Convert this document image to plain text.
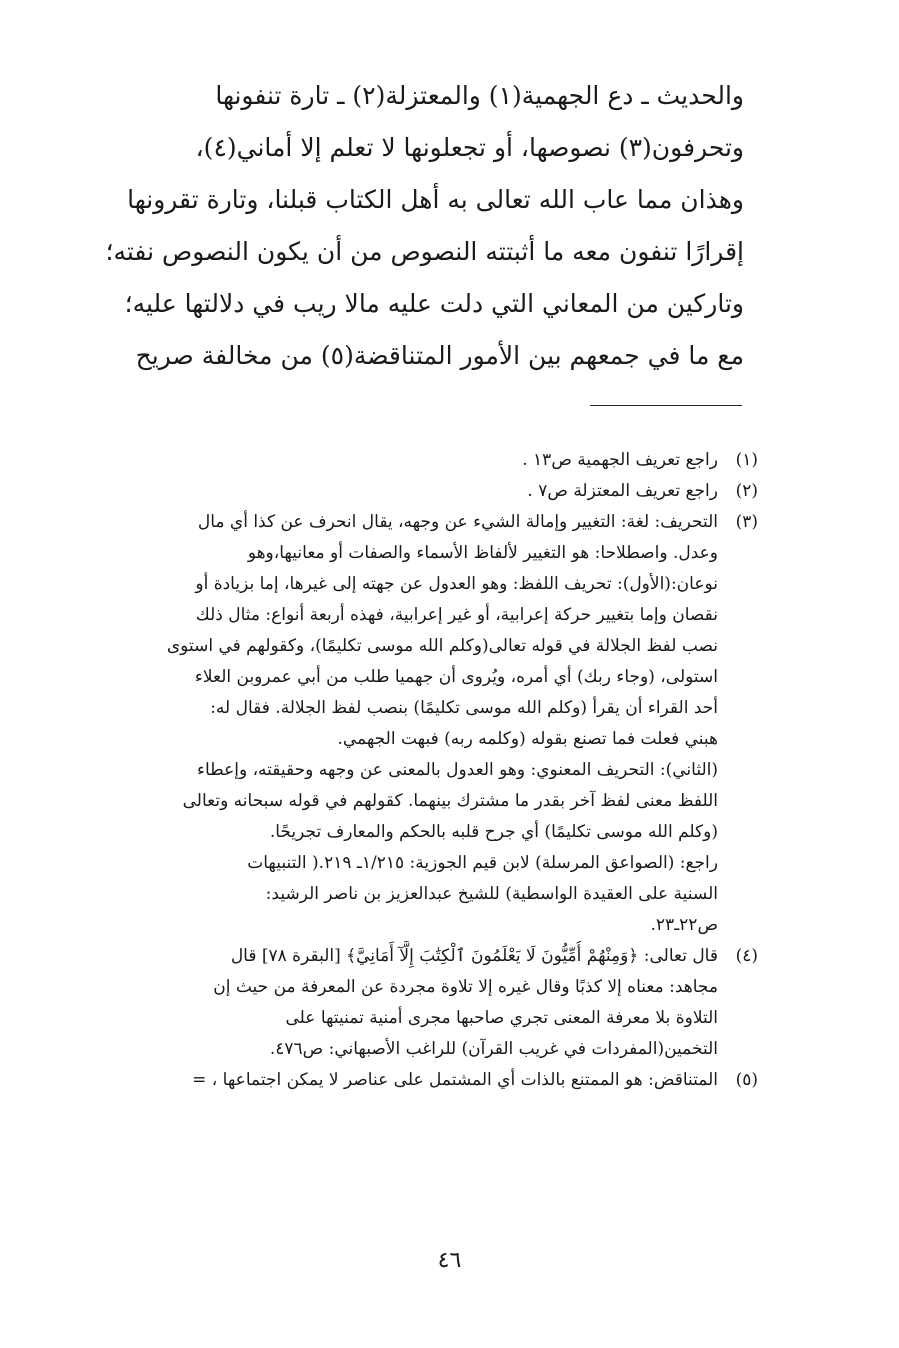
والحديث ـ دع الجهمية(١) والمعتزلة(٢) ـ تارة تنفونها
وتحرفون(٣) نصوصها، أو تجعلونها لا تعلم إلا أماني(٤)،
وهذان مما عاب الله تعالى به أهل الكتاب قبلنا، وتارة تقرونها
إقرارًا تنفون معه ما أثبتته النصوص من أن يكون النصوص نفته؛
وتاركين من المعاني التي دلت عليه مالا ريب في دلالتها عليه؛
مع ما في جمعهم بين الأمور المتناقضة(٥) من مخالفة صريح
(١)
راجع تعريف الجهمية ص١٣ .
(٢)
راجع تعريف المعتزلة ص٧ .
(٣)
التحريف: لغة: التغيير وإمالة الشيء عن وجهه، يقال انحرف عن كذا أي مال
وعدل. واصطلاحا: هو التغيير لألفاظ الأسماء والصفات أو معانيها،وهو
نوعان:(الأول): تحريف اللفظ: وهو العدول عن جهته إلى غيرها، إما بزيادة أو
نقصان وإما بتغيير حركة إعرابية، أو غير إعرابية، فهذه أربعة أنواع: مثال ذلك
نصب لفظ الجلالة في قوله تعالى(وكلم الله موسى تكليمًا)، وكقولهم في استوى
استولى، (وجاء ربك) أي أمره، ويُروى أن جهميا طلب من أبي عمروبن العلاء
أحد القراء أن يقرأ (وكلم الله موسى تكليمًا) بنصب لفظ الجلالة. فقال له:
هبني فعلت فما تصنع بقوله (وكلمه ربه) فبهت الجهمي.
(الثاني): التحريف المعنوي: وهو العدول بالمعنى عن وجهه وحقيقته، وإعطاء
اللفظ معنى لفظ آخر بقدر ما مشترك بينهما. كقولهم في قوله سبحانه وتعالى
(وكلم الله موسى تكليمًا) أي جرح قلبه بالحكم والمعارف تجريحًا.
راجع: (الصواعق المرسلة) لابن قيم الجوزية: ١/٢١٥ـ ٢١٩.( التنبيهات
السنية على العقيدة الواسطية) للشيخ عبدالعزيز بن ناصر الرشيد:
ص٢٢ـ٢٣.
(٤)
قال تعالى: ﴿وَمِنْهُمْ أُمِّيُّونَ لَا يَعْلَمُونَ ٱلْكِتَٰبَ إِلَّآ أَمَانِيَّ﴾ [البقرة ٧٨] قال
مجاهد: معناه إلا كذبًا وقال غيره إلا تلاوة مجردة عن المعرفة من حيث إن
التلاوة بلا معرفة المعنى تجري صاحبها مجرى أمنية تمنيتها على
التخمين(المفردات في غريب القرآن) للراغب الأصبهاني: ص٤٧٦.
(٥)
المتناقض: هو الممتنع بالذات أي المشتمل على عناصر لا يمكن اجتماعها ، =
٤٦
